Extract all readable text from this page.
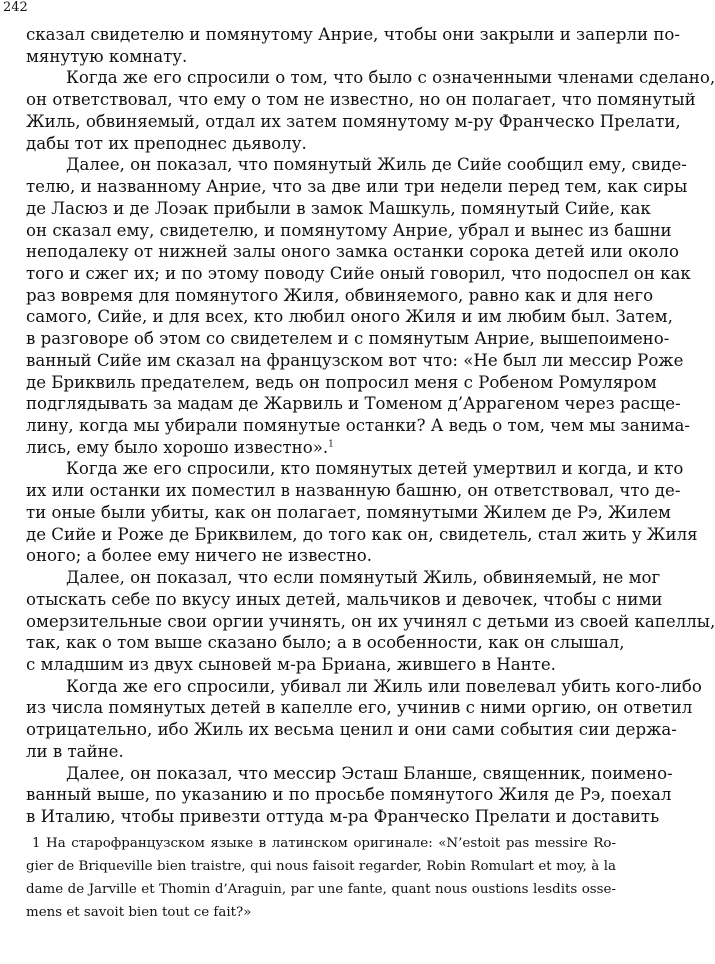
242
сказал свидетелю и помянутому Анрие, чтобы они закрыли и заперли по-
мянутую комнату.
Когда же его спросили о том, что было с означенными членами сделано,
он ответствовал, что ему о том не известно, но он полагает, что помянутый
Жиль, обвиняемый, отдал их затем помянутому м-ру Франческо Прелати,
дабы тот их преподнес дьяволу.
Далее, он показал, что помянутый Жиль де Сийе сообщил ему, свиде-
телю, и названному Анрие, что за две или три недели перед тем, как сиры
де Ласюз и де Лоэак прибыли в замок Машкуль, помянутый Сийе, как
он сказал ему, свидетелю, и помянутому Анрие, убрал и вынес из башни
неподалеку от нижней залы оного замка останки сорока детей или около
того и сжег их; и по этому поводу Сийе оный говорил, что подоспел он как
раз вовремя для помянутого Жиля, обвиняемого, равно как и для него
самого, Сийе, и для всех, кто любил оного Жиля и им любим был. Затем,
в разговоре об этом со свидетелем и с помянутым Анрие, вышепоимено-
ванный Сийе им сказал на французском вот что: «Не был ли мессир Роже
де Бриквиль предателем, ведь он попросил меня с Робеном Ромуляром
подглядывать за мадам де Жарвиль и Томеном д’Аррагеном через расще-
лину, когда мы убирали помянутые останки? А ведь о том, чем мы занима-
лись, ему было хорошо известно».$^1$
Когда же его спросили, кто помянутых детей умертвил и когда, и кто
их или останки их поместил в названную башню, он ответствовал, что де-
ти оные были убиты, как он полагает, помянутыми Жилем де Рэ, Жилем
де Сийе и Роже де Бриквилем, до того как он, свидетель, стал жить у Жиля
оного; а более ему ничего не известно.
Далее, он показал, что если помянутый Жиль, обвиняемый, не мог
отыскать себе по вкусу иных детей, мальчиков и девочек, чтобы с ними
омерзительные свои оргии учинять, он их учинял с детьми из своей капеллы,
так, как о том выше сказано было; а в особенности, как он слышал,
с младшим из двух сыновей м-ра Бриана, жившего в Нанте.
Когда же его спросили, убивал ли Жиль или повелевал убить кого-либо
из числа помянутых детей в капелле его, учинив с ними оргию, он ответил
отрицательно, ибо Жиль их весьма ценил и они сами события сии держа-
ли в тайне.
Далее, он показал, что мессир Эсташ Бланше, священник, поимено-
ванный выше, по указанию и по просьбе помянутого Жиля де Рэ, поехал
в Италию, чтобы привезти оттуда м-ра Франческо Прелати и доставить
1 На старофранцузском языке в латинском оригинале: «N’estoit pas messire Ro-
gier de Briqueville bien traistre, qui nous faisoit regarder, Robin Romulart et moy, à la
dame de Jarville et Thomin d’Araguin, par une fante, quant nous oustions lesdits osse-
mens et savoit bien tout ce fait?»
